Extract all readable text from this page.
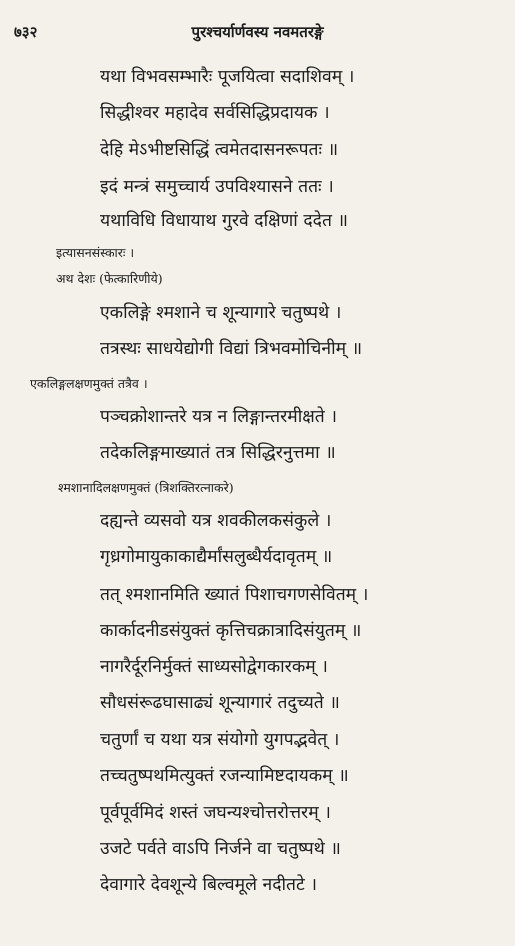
७३२	पुरश्चर्यार्णवस्य नवमतरङ्गे
यथा विभवसम्भारैः पूजयित्वा सदाशिवम् ।
सिद्धीश्वर महादेव सर्वसिद्धिप्रदायक ।
देहि मेऽभीष्टसिद्धिं त्वमेतदासनरूपतः ॥
इदं मन्त्रं समुच्चार्य उपविश्यासने ततः ।
यथाविधि विधायाथ गुरवे दक्षिणां ददेत ॥
इत्यासनसंस्कारः ।
अथ देशः (फेत्कारिणीये)
एकलिङ्गे श्मशाने च शून्यागारे चतुष्पथे ।
तत्रस्थः साधयेद्योगी विद्यां त्रिभवमोचिनीम् ॥
एकलिङ्गलक्षणमुक्तं तत्रैव ।
पञ्चक्रोशान्तरे यत्र न लिङ्गान्तरमीक्षते ।
तदेकलिङ्गमाख्यातं तत्र सिद्धिरनुत्तमा ॥
श्मशानादिलक्षणमुक्तं (त्रिशक्तिरत्नाकरे)
दह्यन्ते व्यसवो यत्र शवकीलकसंकुले ।
गृध्रगोमायुकाकाद्यैर्मांसलुब्धैर्यदावृतम् ॥
तत् श्मशानमिति ख्यातं पिशाचगणसेवितम् ।
कार्कादनीडसंयुक्तं कृत्तिचक्रात्रादिसंयुतम् ॥
नागरैर्दूरनिर्मुक्तं साध्यसोद्वेगकारकम् ।
सौधसंरूढघासाढ्यं शून्यागारं तदुच्यते ॥
चतुर्णां च यथा यत्र संयोगो युगपद्भवेत् ।
तच्चतुष्पथमित्युक्तं रजन्यामिष्टदायकम् ॥
पूर्वपूर्वमिदं शस्तं जघन्यश्चोत्तरोत्तरम् ।
उजटे पर्वते वाऽपि निर्जने वा चतुष्पथे ॥
देवागारे देवशून्ये बिल्वमूले नदीतटे ।
